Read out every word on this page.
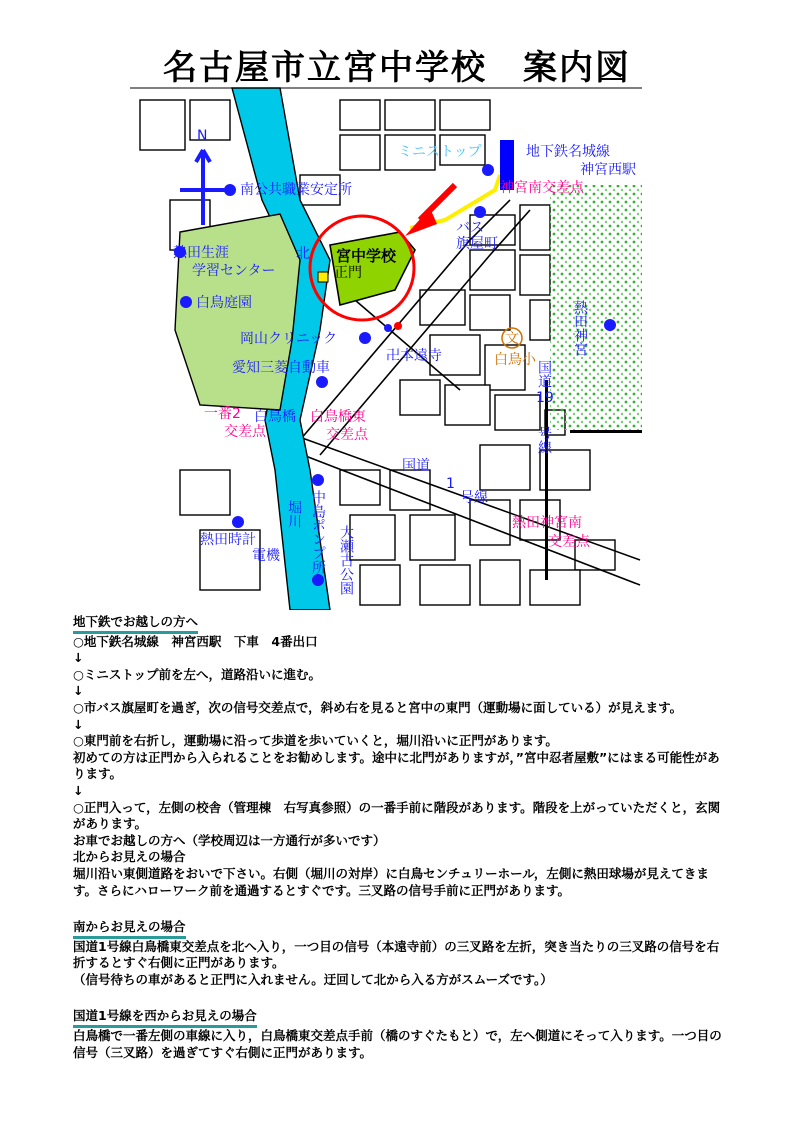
名古屋市立宮中学校　案内図
N
南公共職業安定所
ミニストップ	地下鉄名城線
神宮西駅
神宮南交差点
バス
旗屋町
熱田生涯
学習センター
白鳥庭園
宮中学校
正門
北
岡山クリニック
愛知三菱自動車
卍本遠寺
文
白鳥小
熱田神宮
国道
19
号線
一番2
交差点
白鳥橋 白鳥橋東
交差点
国道
1
号線
熱田神宮南
交差点
熱田時計
電機
堀川 中島ポンプ所 大瀬古公園

地下鉄でお越しの方へ

○地下鉄名城線　神宮西駅　下車　4番出口

↓

○ミニストップ前を左へ，道路沿いに進む。

↓

○市バス旗屋町を過ぎ，次の信号交差点で，斜め右を見ると宮中の東門（運動場に面している）が見えます。

↓

○東門前を右折し，運動場に沿って歩道を歩いていくと，堀川沿いに正門があります。

初めての方は正門から入られることをお勧めします。途中に北門がありますが，”宮中忍者屋敷”にはまる可能性があります。

↓

○正門入って，左側の校舎（管理棟　右写真参照）の一番手前に階段があります。階段を上がっていただくと，玄関があります。

お車でお越しの方へ（学校周辺は一方通行が多いです）

北からお見えの場合

堀川沿い東側道路をおいで下さい。右側（堀川の対岸）に白鳥センチュリーホール，左側に熱田球場が見えてきます。さらにハローワーク前を通過するとすぐです。三叉路の信号手前に正門があります。

南からお見えの場合

国道1号線白鳥橋東交差点を北へ入り，一つ目の信号（本遠寺前）の三叉路を左折，突き当たりの三叉路の信号を右折するとすぐ右側に正門があります。

（信号待ちの車があると正門に入れません。迂回して北から入る方がスムーズです。）

国道1号線を西からお見えの場合

白鳥橋で一番左側の車線に入り，白鳥橋東交差点手前（橋のすぐたもと）で，左へ側道にそって入ります。一つ目の信号（三叉路）を過ぎてすぐ右側に正門があります。
